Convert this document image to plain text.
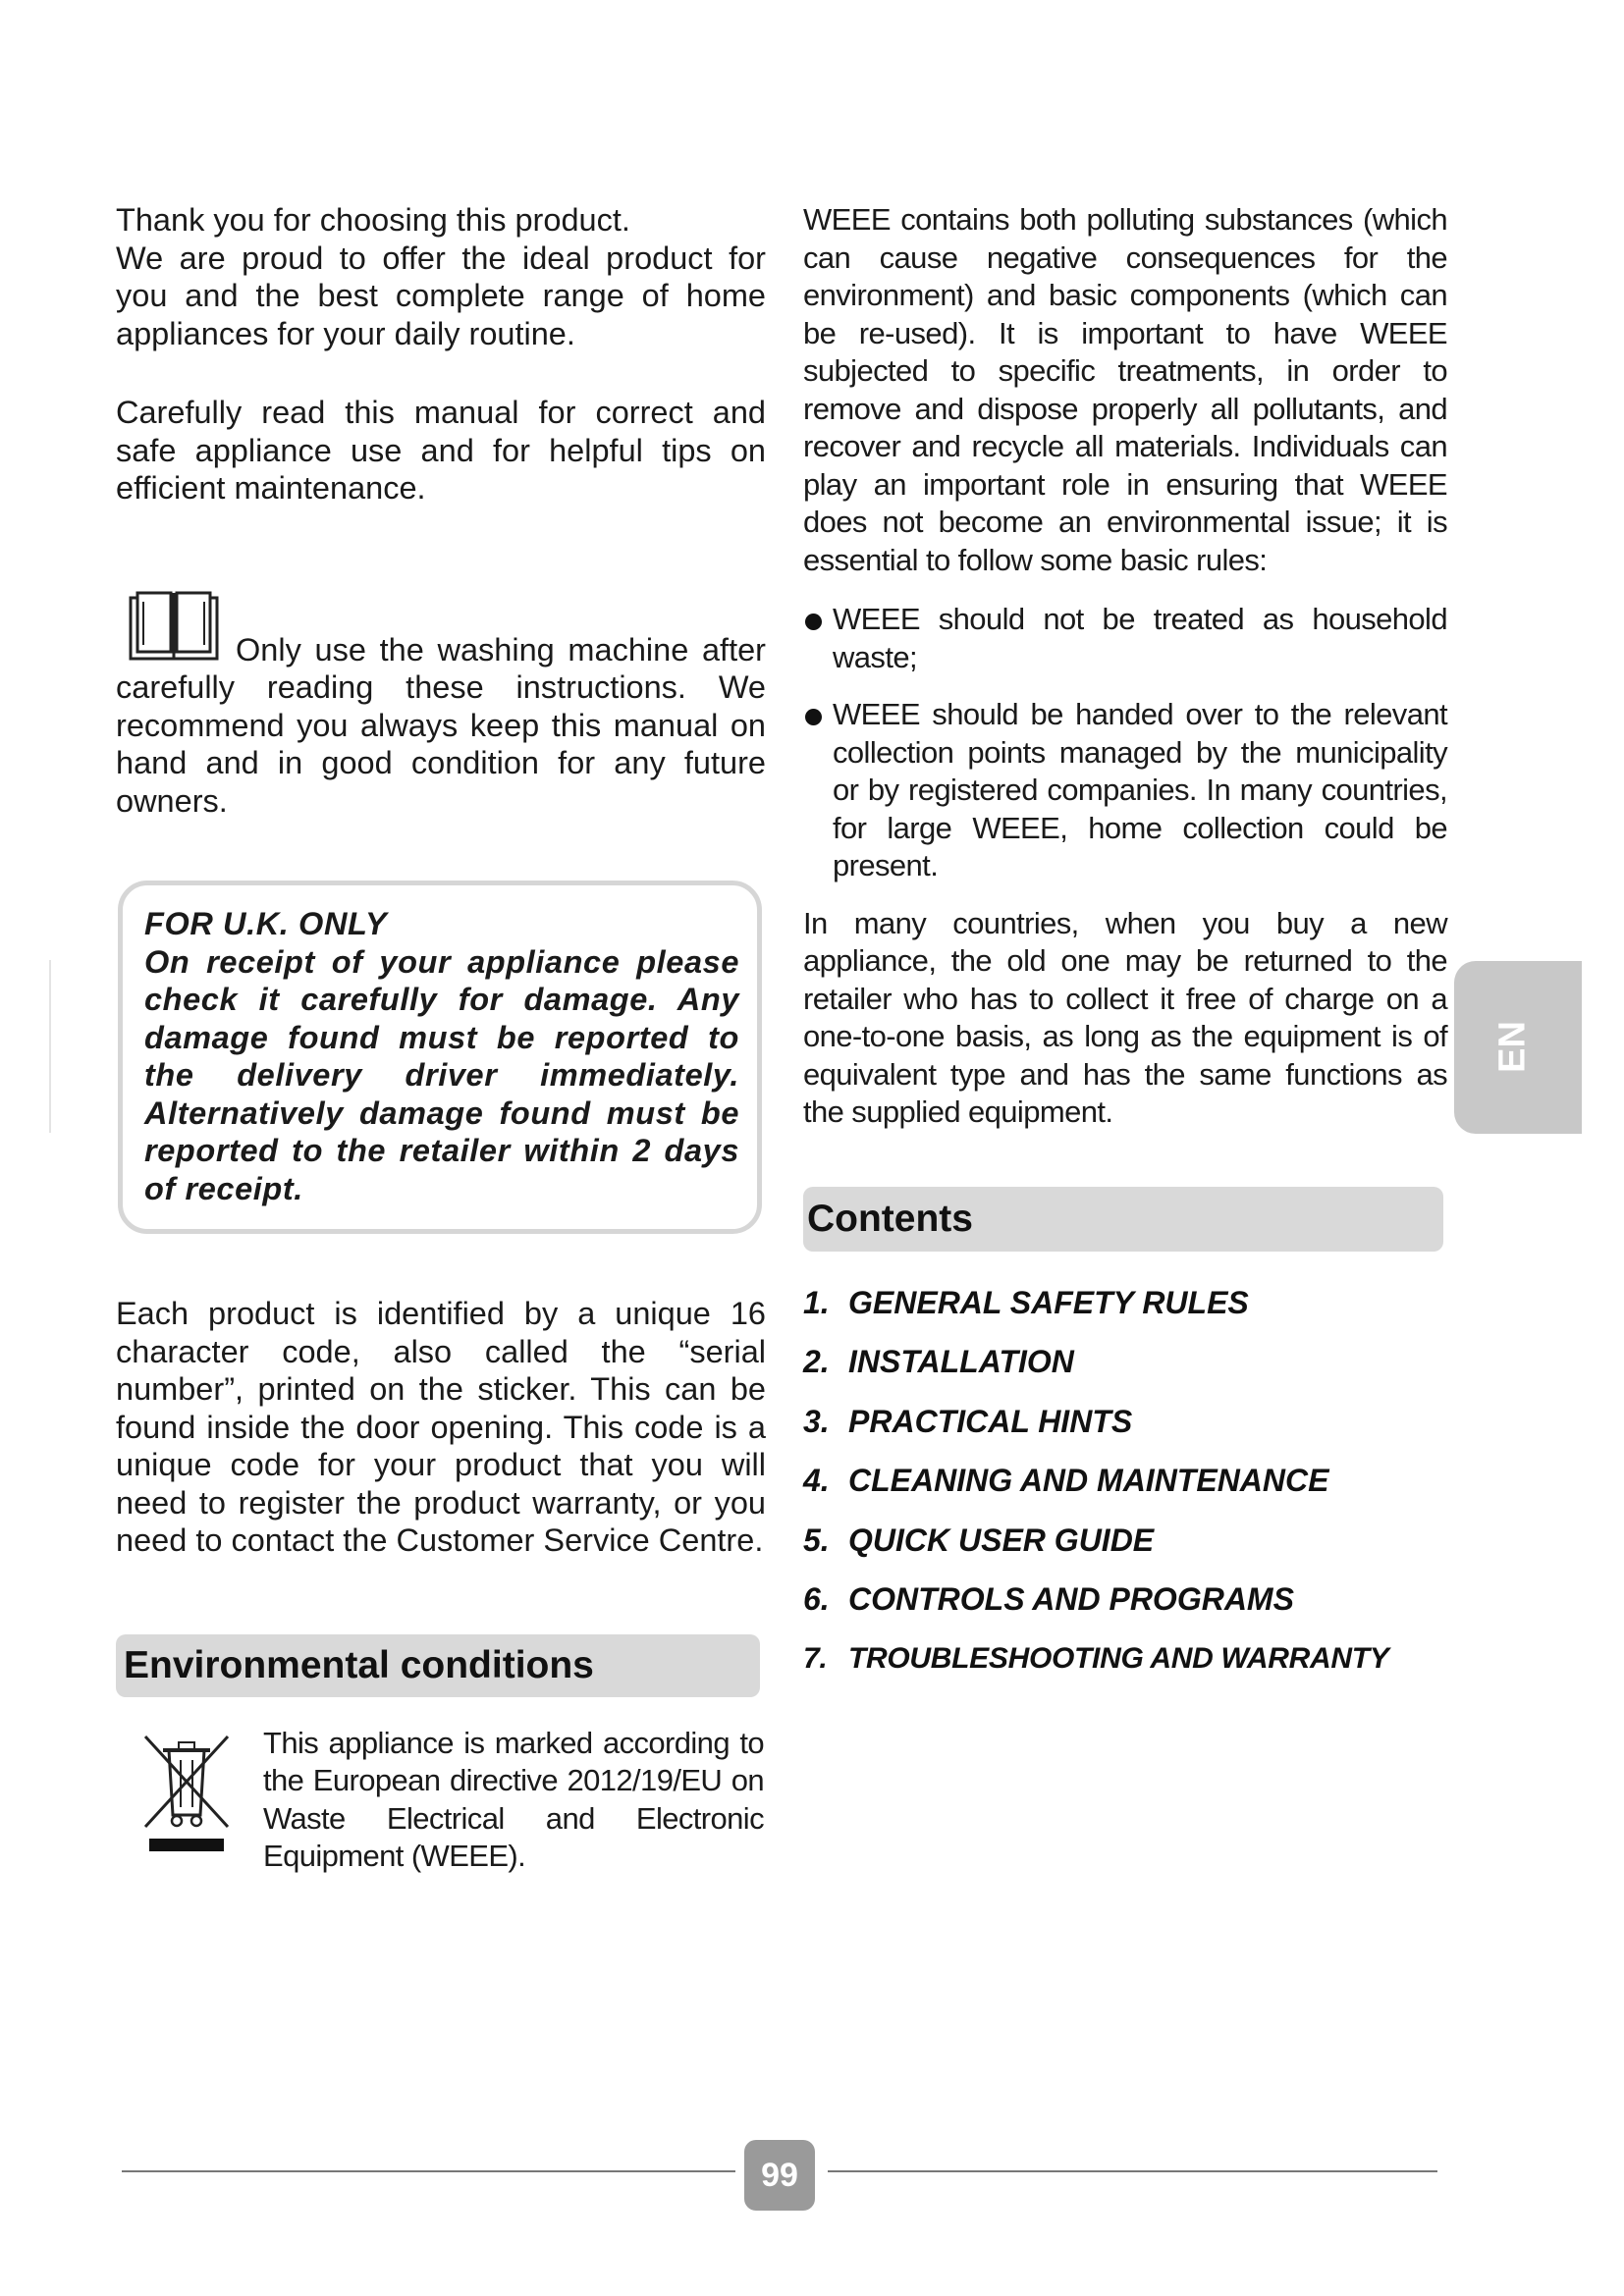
Thank you for choosing this product.

We are proud to offer the ideal product for you and the best complete range of home appliances for your daily routine.

Carefully read this manual for correct and safe appliance use and for helpful tips on efficient maintenance.

Only use the washing machine after carefully reading these instructions. We recommend you always keep this manual on hand and in good condition for any future owners.

FOR U.K. ONLY

On receipt of your appliance please check it carefully for damage. Any damage found must be reported to the delivery driver immediately. Alternatively damage found must be reported to the retailer within 2 days of receipt.

Each product is identified by a unique 16 character code, also called the “serial number”, printed on the sticker. This can be found inside the door opening. This code is a unique code for your product that you will need to register the product warranty, or you need to contact the Customer Service Centre.

Environmental conditions

This appliance is marked according to the European directive 2012/19/EU on Waste Electrical and Electronic Equipment (WEEE).

WEEE contains both polluting substances (which can cause negative consequences for the environment) and basic components (which can be re-used). It is important to have WEEE subjected to specific treatments, in order to remove and dispose properly all pollutants, and recover and recycle all materials. Individuals can play an important role in ensuring that WEEE does not become an environmental issue; it is essential to follow some basic rules:

WEEE should not be treated as household waste;

WEEE should be handed over to the relevant collection points managed by the municipality or by registered companies. In many countries, for large WEEE, home collection could be present.

In many countries, when you buy a new appliance, the old one may be returned to the retailer who has to collect it free of charge on a one-to-one basis, as long as the equipment is of equivalent type and has the same functions as the supplied equipment.

Contents
1. GENERAL SAFETY RULES
2. INSTALLATION
3. PRACTICAL HINTS
4. CLEANING AND MAINTENANCE
5. QUICK USER GUIDE
6. CONTROLS AND PROGRAMS
7. TROUBLESHOOTING AND WARRANTY
EN
99
